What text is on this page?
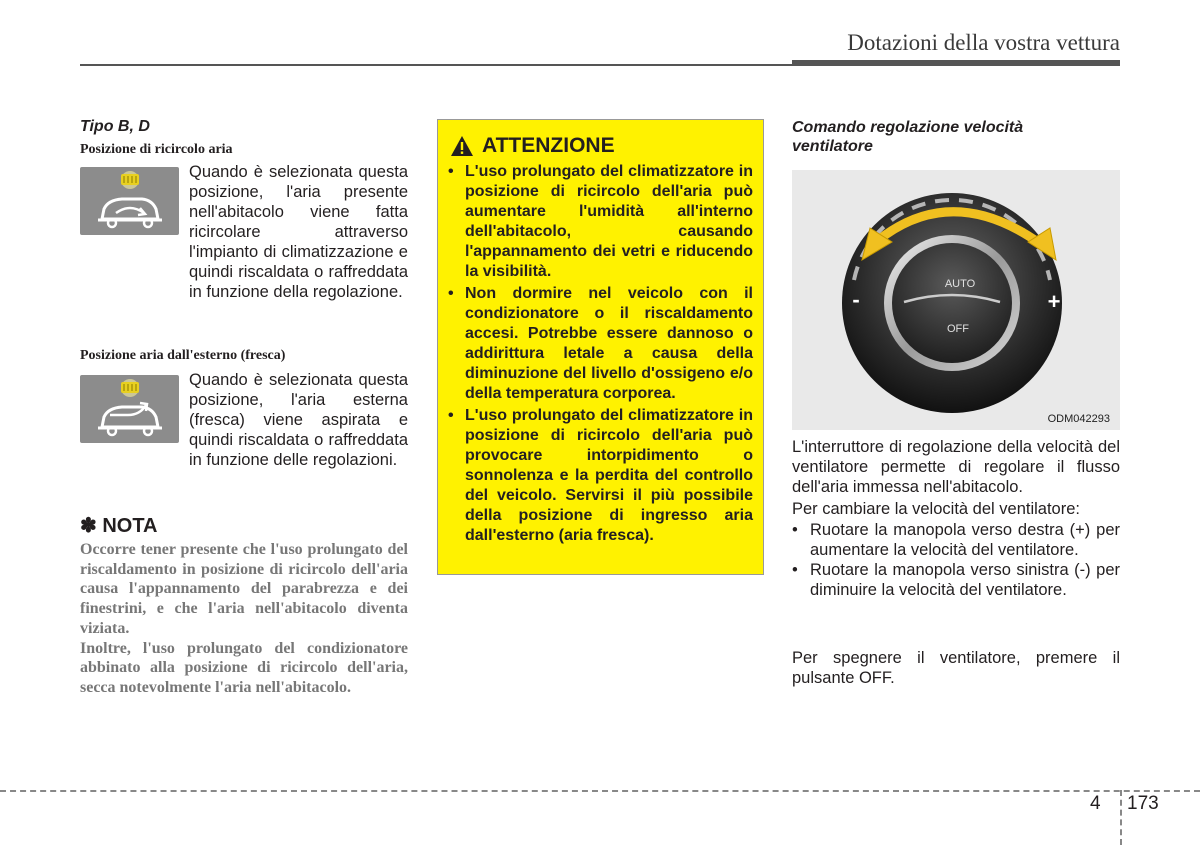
Dotazioni della vostra vettura
Tipo B, D
Posizione di ricircolo aria
Quando è selezionata questa posizione, l'aria presente nell'abitacolo viene fatta ricircolare attraverso l'impianto di climatizzazione e quindi riscaldata o raffreddata in funzione della regolazione.
Posizione aria dall'esterno (fresca)
Quando è selezionata questa posizione, l'aria esterna (fresca) viene aspirata e quindi riscaldata o raffreddata in funzione delle regolazioni.
✽ NOTA
Occorre tener presente che l'uso prolungato del riscaldamento in posizione di ricircolo dell'aria causa l'appannamento del parabrezza e dei finestrini, e che l'aria nell'abitacolo diventa viziata.
Inoltre, l'uso prolungato del condizionatore abbinato alla posizione di ricircolo dell'aria, secca notevolmente l'aria nell'abitacolo.
ATTENZIONE
• L'uso prolungato del climatizzatore in posizione di ricircolo dell'aria può aumentare l'umidità all'interno dell'abitacolo, causando l'appannamento dei vetri e riducendo la visibilità.
• Non dormire nel veicolo con il condizionatore o il riscaldamento accesi. Potrebbe essere dannoso o addirittura letale a causa della diminuzione del livello d'ossigeno e/o della temperatura corporea.
• L'uso prolungato del climatizzatore in posizione di ricircolo dell'aria può provocare intorpidimento o sonnolenza e la perdita del controllo del veicolo. Servirsi il più possibile della posizione di ingresso aria dall'esterno (aria fresca).
Comando regolazione velocità ventilatore
AUTO
OFF
-	+
ODM042293
L'interruttore di regolazione della velocità del ventilatore permette di regolare il flusso dell'aria immessa nell'abitacolo.
Per cambiare la velocità del ventilatore:
• Ruotare la manopola verso destra (+) per aumentare la velocità del ventilatore.
• Ruotare la manopola verso sinistra (-) per diminuire la velocità del ventilatore.
Per spegnere il ventilatore, premere il pulsante OFF.
4 173
